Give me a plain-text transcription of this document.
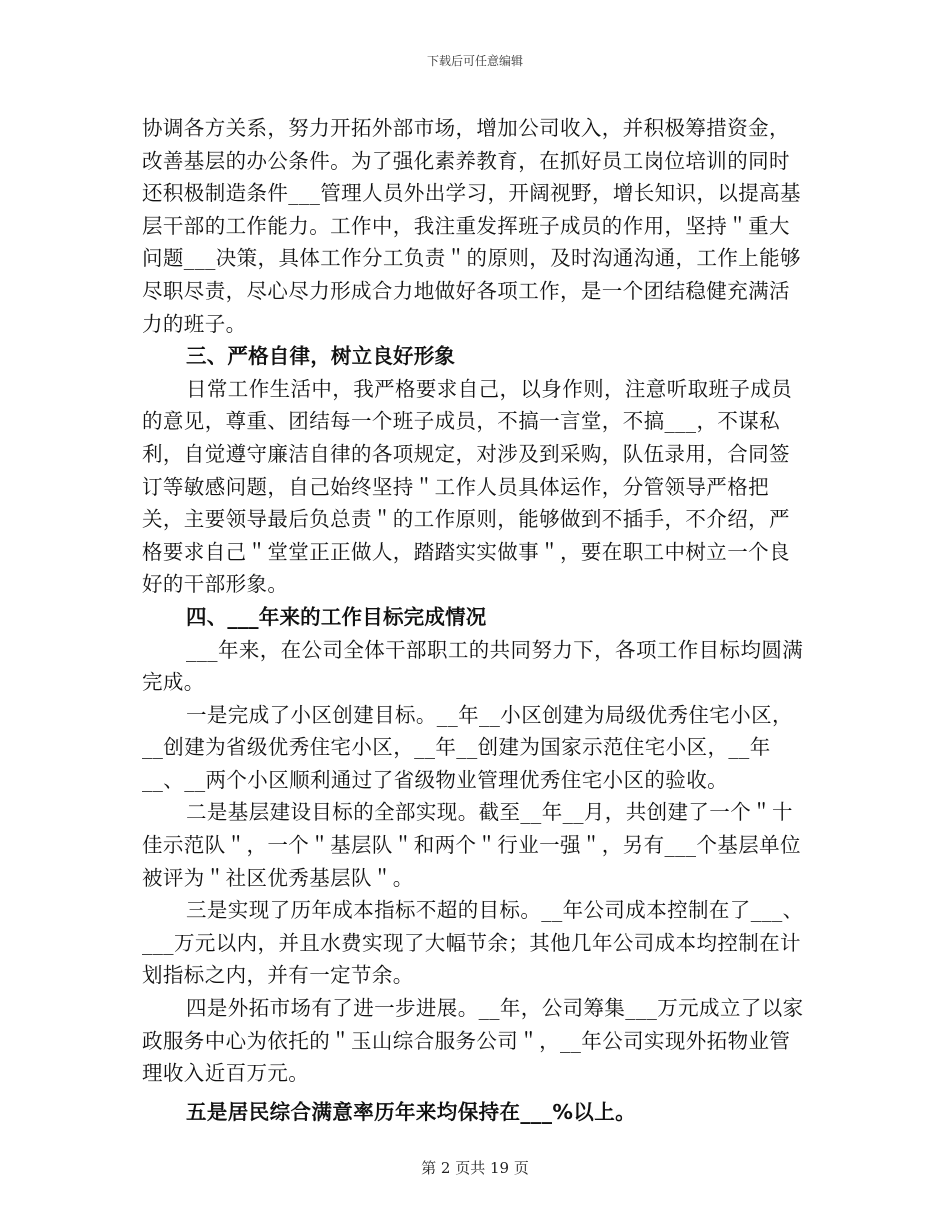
下载后可任意编辑

协调各方关系，努力开拓外部市场，增加公司收入，并积极筹措资金，改善基层的办公条件。为了强化素养教育，在抓好员工岗位培训的同时还积极制造条件___管理人员外出学习，开阔视野，增长知识，以提高基层干部的工作能力。工作中，我注重发挥班子成员的作用，坚持＂重大问题___决策，具体工作分工负责＂的原则，及时沟通沟通，工作上能够尽职尽责，尽心尽力形成合力地做好各项工作，是一个团结稳健充满活力的班子。

三、严格自律，树立良好形象

日常工作生活中，我严格要求自己，以身作则，注意听取班子成员的意见，尊重、团结每一个班子成员，不搞一言堂，不搞___，不谋私利，自觉遵守廉洁自律的各项规定，对涉及到采购，队伍录用，合同签订等敏感问题，自己始终坚持＂工作人员具体运作，分管领导严格把关，主要领导最后负总责＂的工作原则，能够做到不插手，不介绍，严格要求自己＂堂堂正正做人，踏踏实实做事＂，要在职工中树立一个良好的干部形象。

四、___年来的工作目标完成情况

___年来，在公司全体干部职工的共同努力下，各项工作目标均圆满完成。

一是完成了小区创建目标。__年__小区创建为局级优秀住宅小区，__创建为省级优秀住宅小区，__年__创建为国家示范住宅小区，__年__、__两个小区顺利通过了省级物业管理优秀住宅小区的验收。

二是基层建设目标的全部实现。截至__年__月，共创建了一个＂十佳示范队＂，一个＂基层队＂和两个＂行业一强＂，另有___个基层单位被评为＂社区优秀基层队＂。

三是实现了历年成本指标不超的目标。__年公司成本控制在了___、___万元以内，并且水费实现了大幅节余；其他几年公司成本均控制在计划指标之内，并有一定节余。

四是外拓市场有了进一步进展。__年，公司筹集___万元成立了以家政服务中心为依托的＂玉山综合服务公司＂，__年公司实现外拓物业管理收入近百万元。

五是居民综合满意率历年来均保持在___%以上。

第 2 页共 19 页
